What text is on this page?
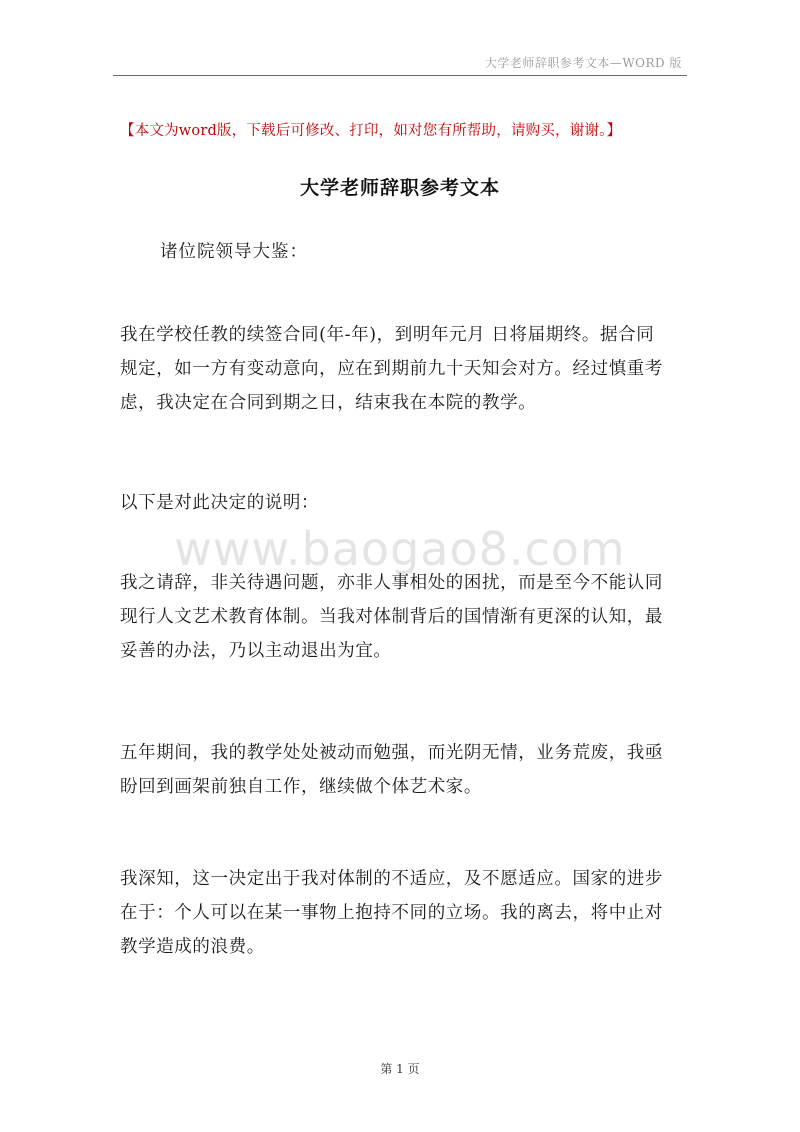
大学老师辞职参考文本—WORD 版
【本文为word版，下载后可修改、打印，如对您有所帮助，请购买，谢谢。】
大学老师辞职参考文本
诸位院领导大鉴：
我在学校任教的续签合同(年-年)，到明年元月 日将届期终。据合同
规定，如一方有变动意向，应在到期前九十天知会对方。经过慎重考
虑，我决定在合同到期之日，结束我在本院的教学。
以下是对此决定的说明：
www.baogao8.com
我之请辞，非关待遇问题，亦非人事相处的困扰，而是至今不能认同
现行人文艺术教育体制。当我对体制背后的国情渐有更深的认知，最
妥善的办法，乃以主动退出为宜。
五年期间，我的教学处处被动而勉强，而光阴无情，业务荒废，我亟
盼回到画架前独自工作，继续做个体艺术家。
我深知，这一决定出于我对体制的不适应，及不愿适应。国家的进步
在于：个人可以在某一事物上抱持不同的立场。我的离去，将中止对
教学造成的浪费。
第 1 页
